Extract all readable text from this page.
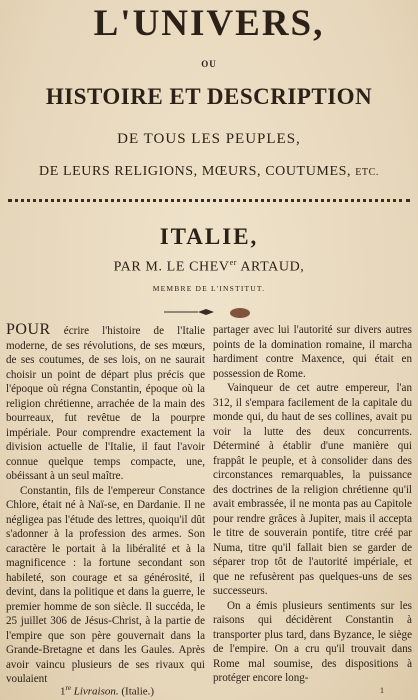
L'UNIVERS,
OU
HISTOIRE ET DESCRIPTION
DE TOUS LES PEUPLES,
DE LEURS RELIGIONS, MŒURS, COUTUMES, ETC.
ITALIE,
PAR M. LE $CHEV^{er}$ ARTAUD,
MEMBRE DE L'INSTITUT.

POUR écrire l'histoire de l'Italie moderne, de ses révolutions, de ses mœurs, de ses coutumes, de ses lois, on ne saurait choisir un point de départ plus précis que l'époque où régna Constantin, époque où la religion chrétienne, arrachée de la main des bourreaux, fut revêtue de la pourpre impériale. Pour comprendre exactement la division actuelle de l'Italie, il faut l'avoir connue quelque temps compacte, une, obéissant à un seul maître.

Constantin, fils de l'empereur Constance Chlore, était né à Naï-se, en Dardanie. Il ne négligea pas l'étude des lettres, quoiqu'il dût s'adonner à la profession des armes. Son caractère le portait à la libéralité et à la magnificence : la fortune secondant son habileté, son courage et sa générosité, il devint, dans la politique et dans la guerre, le premier homme de son siècle. Il succéda, le 25 juillet 306 de Jésus-Christ, à la partie de l'empire que son père gouvernait dans la Grande-Bretagne et dans les Gaules. Après avoir vaincu plusieurs de ses rivaux qui voulaient

partager avec lui l'autorité sur divers autres points de la domination romaine, il marcha hardiment contre Maxence, qui était en possession de Rome.

Vainqueur de cet autre empereur, l'an 312, il s'empara facilement de la capitale du monde qui, du haut de ses collines, avait pu voir la lutte des deux concurrents. Déterminé à établir d'une manière qui frappât le peuple, et à consolider dans des circonstances remarquables, la puissance des doctrines de la religion chrétienne qu'il avait embrassée, il ne monta pas au Capitole pour rendre grâces à Jupiter, mais il accepta le titre de souverain pontife, titre créé par Numa, titre qu'il fallait bien se garder de séparer trop tôt de l'autorité impériale, et que ne refusèrent pas quelques-uns de ses successeurs.

On a émis plusieurs sentiments sur les raisons qui décidèrent Constantin à transporter plus tard, dans Byzance, le siège de l'empire. On a cru qu'il trouvait dans Rome mal soumise, des dispositions à protéger encore long-

1re Livraison. (Italie.)	1
